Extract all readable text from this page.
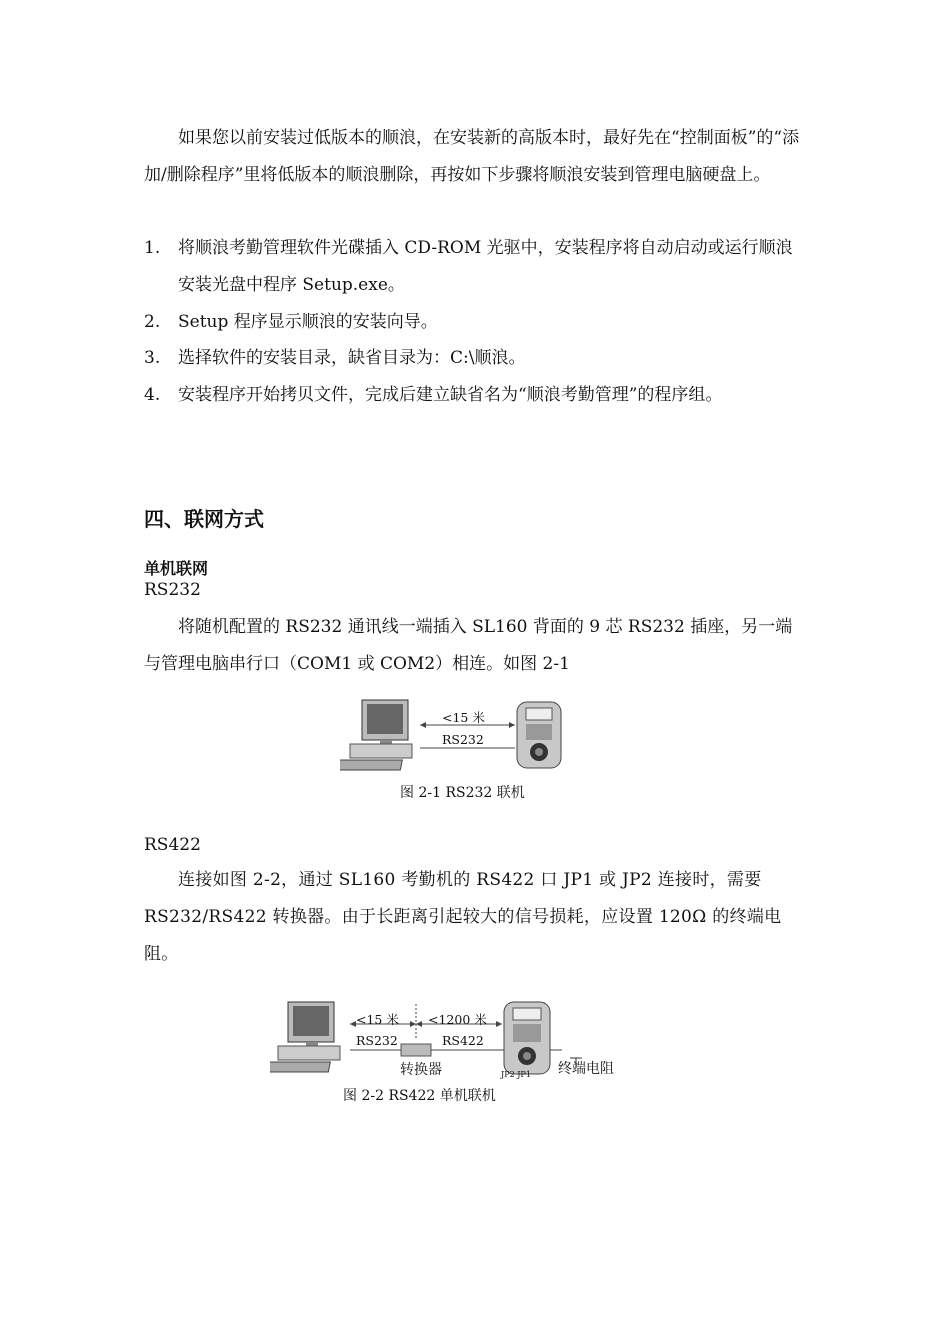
如果您以前安装过低版本的顺浪，在安装新的高版本时，最好先在“控制面板”的“添加/删除程序”里将低版本的顺浪删除，再按如下步骤将顺浪安装到管理电脑硬盘上。

1. 将顺浪考勤管理软件光碟插入 CD-ROM 光驱中，安装程序将自动启动或运行顺浪安装光盘中程序 Setup.exe。
2. Setup 程序显示顺浪的安装向导。
3. 选择软件的安装目录，缺省目录为：C:\顺浪。
4. 安装程序开始拷贝文件，完成后建立缺省名为“顺浪考勤管理”的程序组。
四、联网方式
单机联网
RS232

将随机配置的 RS232 通讯线一端插入 SL160 背面的 9 芯 RS232 插座，另一端与管理电脑串行口（COM1 或 COM2）相连。如图 2-1

<15 米
RS232
图 2-1 RS232 联机
RS422

连接如图 2-2，通过 SL160 考勤机的 RS422 口 JP1 或 JP2 连接时，需要 RS232/RS422 转换器。由于长距离引起较大的信号损耗，应设置 120Ω 的终端电阻。

<15 米
RS232
<1200 米
RS422
转换器	JP2 JP1 终端电阻
图 2-2 RS422 单机联机
